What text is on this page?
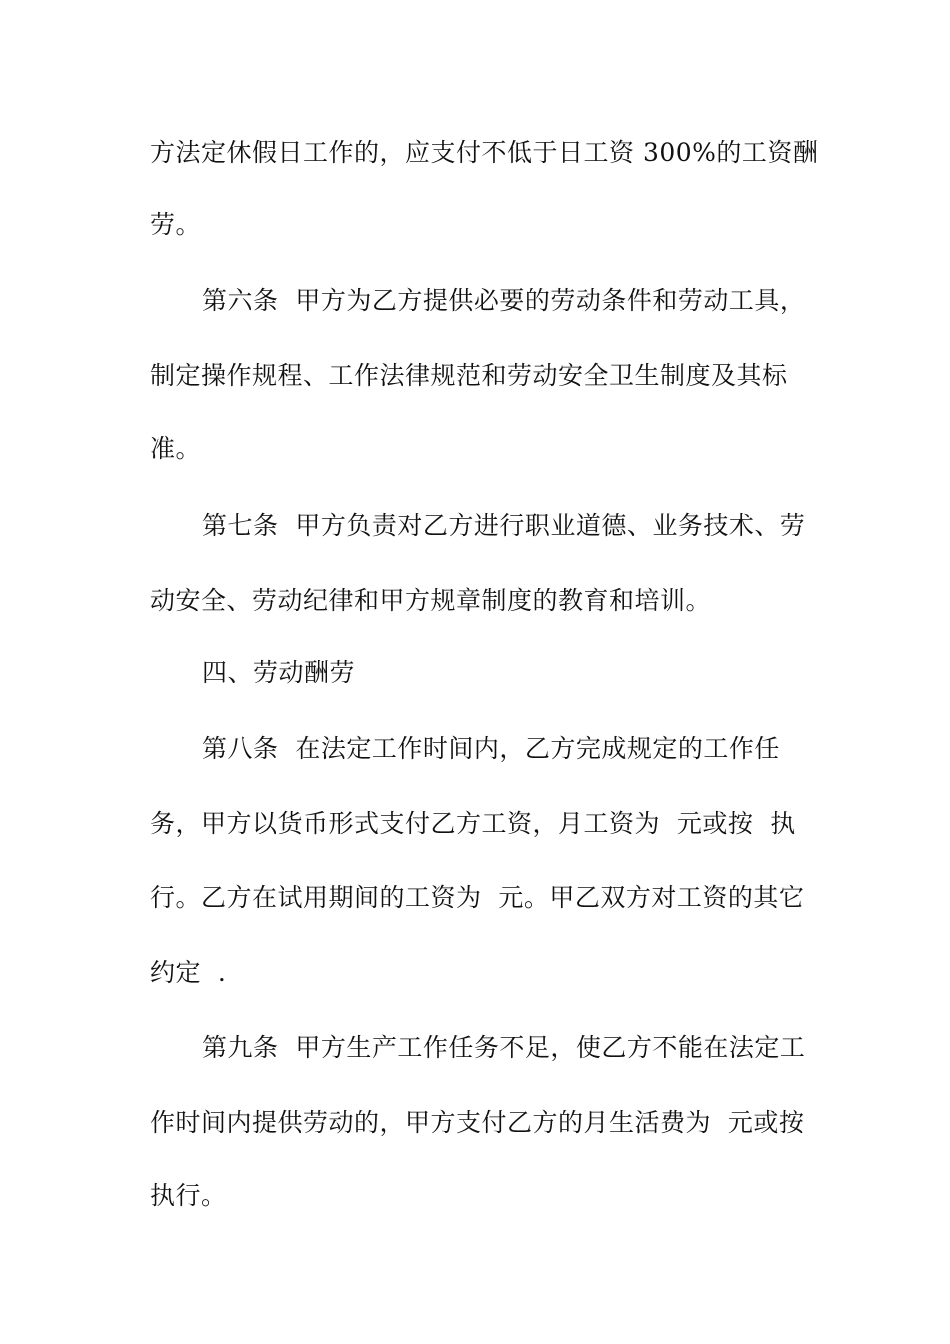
方法定休假日工作的，应支付不低于日工资 300%的工资酬
劳。
第六条  甲方为乙方提供必要的劳动条件和劳动工具，
制定操作规程、工作法律规范和劳动安全卫生制度及其标
准。
第七条  甲方负责对乙方进行职业道德、业务技术、劳
动安全、劳动纪律和甲方规章制度的教育和培训。
四、劳动酬劳
第八条  在法定工作时间内，乙方完成规定的工作任
务，甲方以货币形式支付乙方工资，月工资为  元或按  执
行。乙方在试用期间的工资为  元。甲乙双方对工资的其它
约定  .
第九条  甲方生产工作任务不足，使乙方不能在法定工
作时间内提供劳动的，甲方支付乙方的月生活费为  元或按
执行。
